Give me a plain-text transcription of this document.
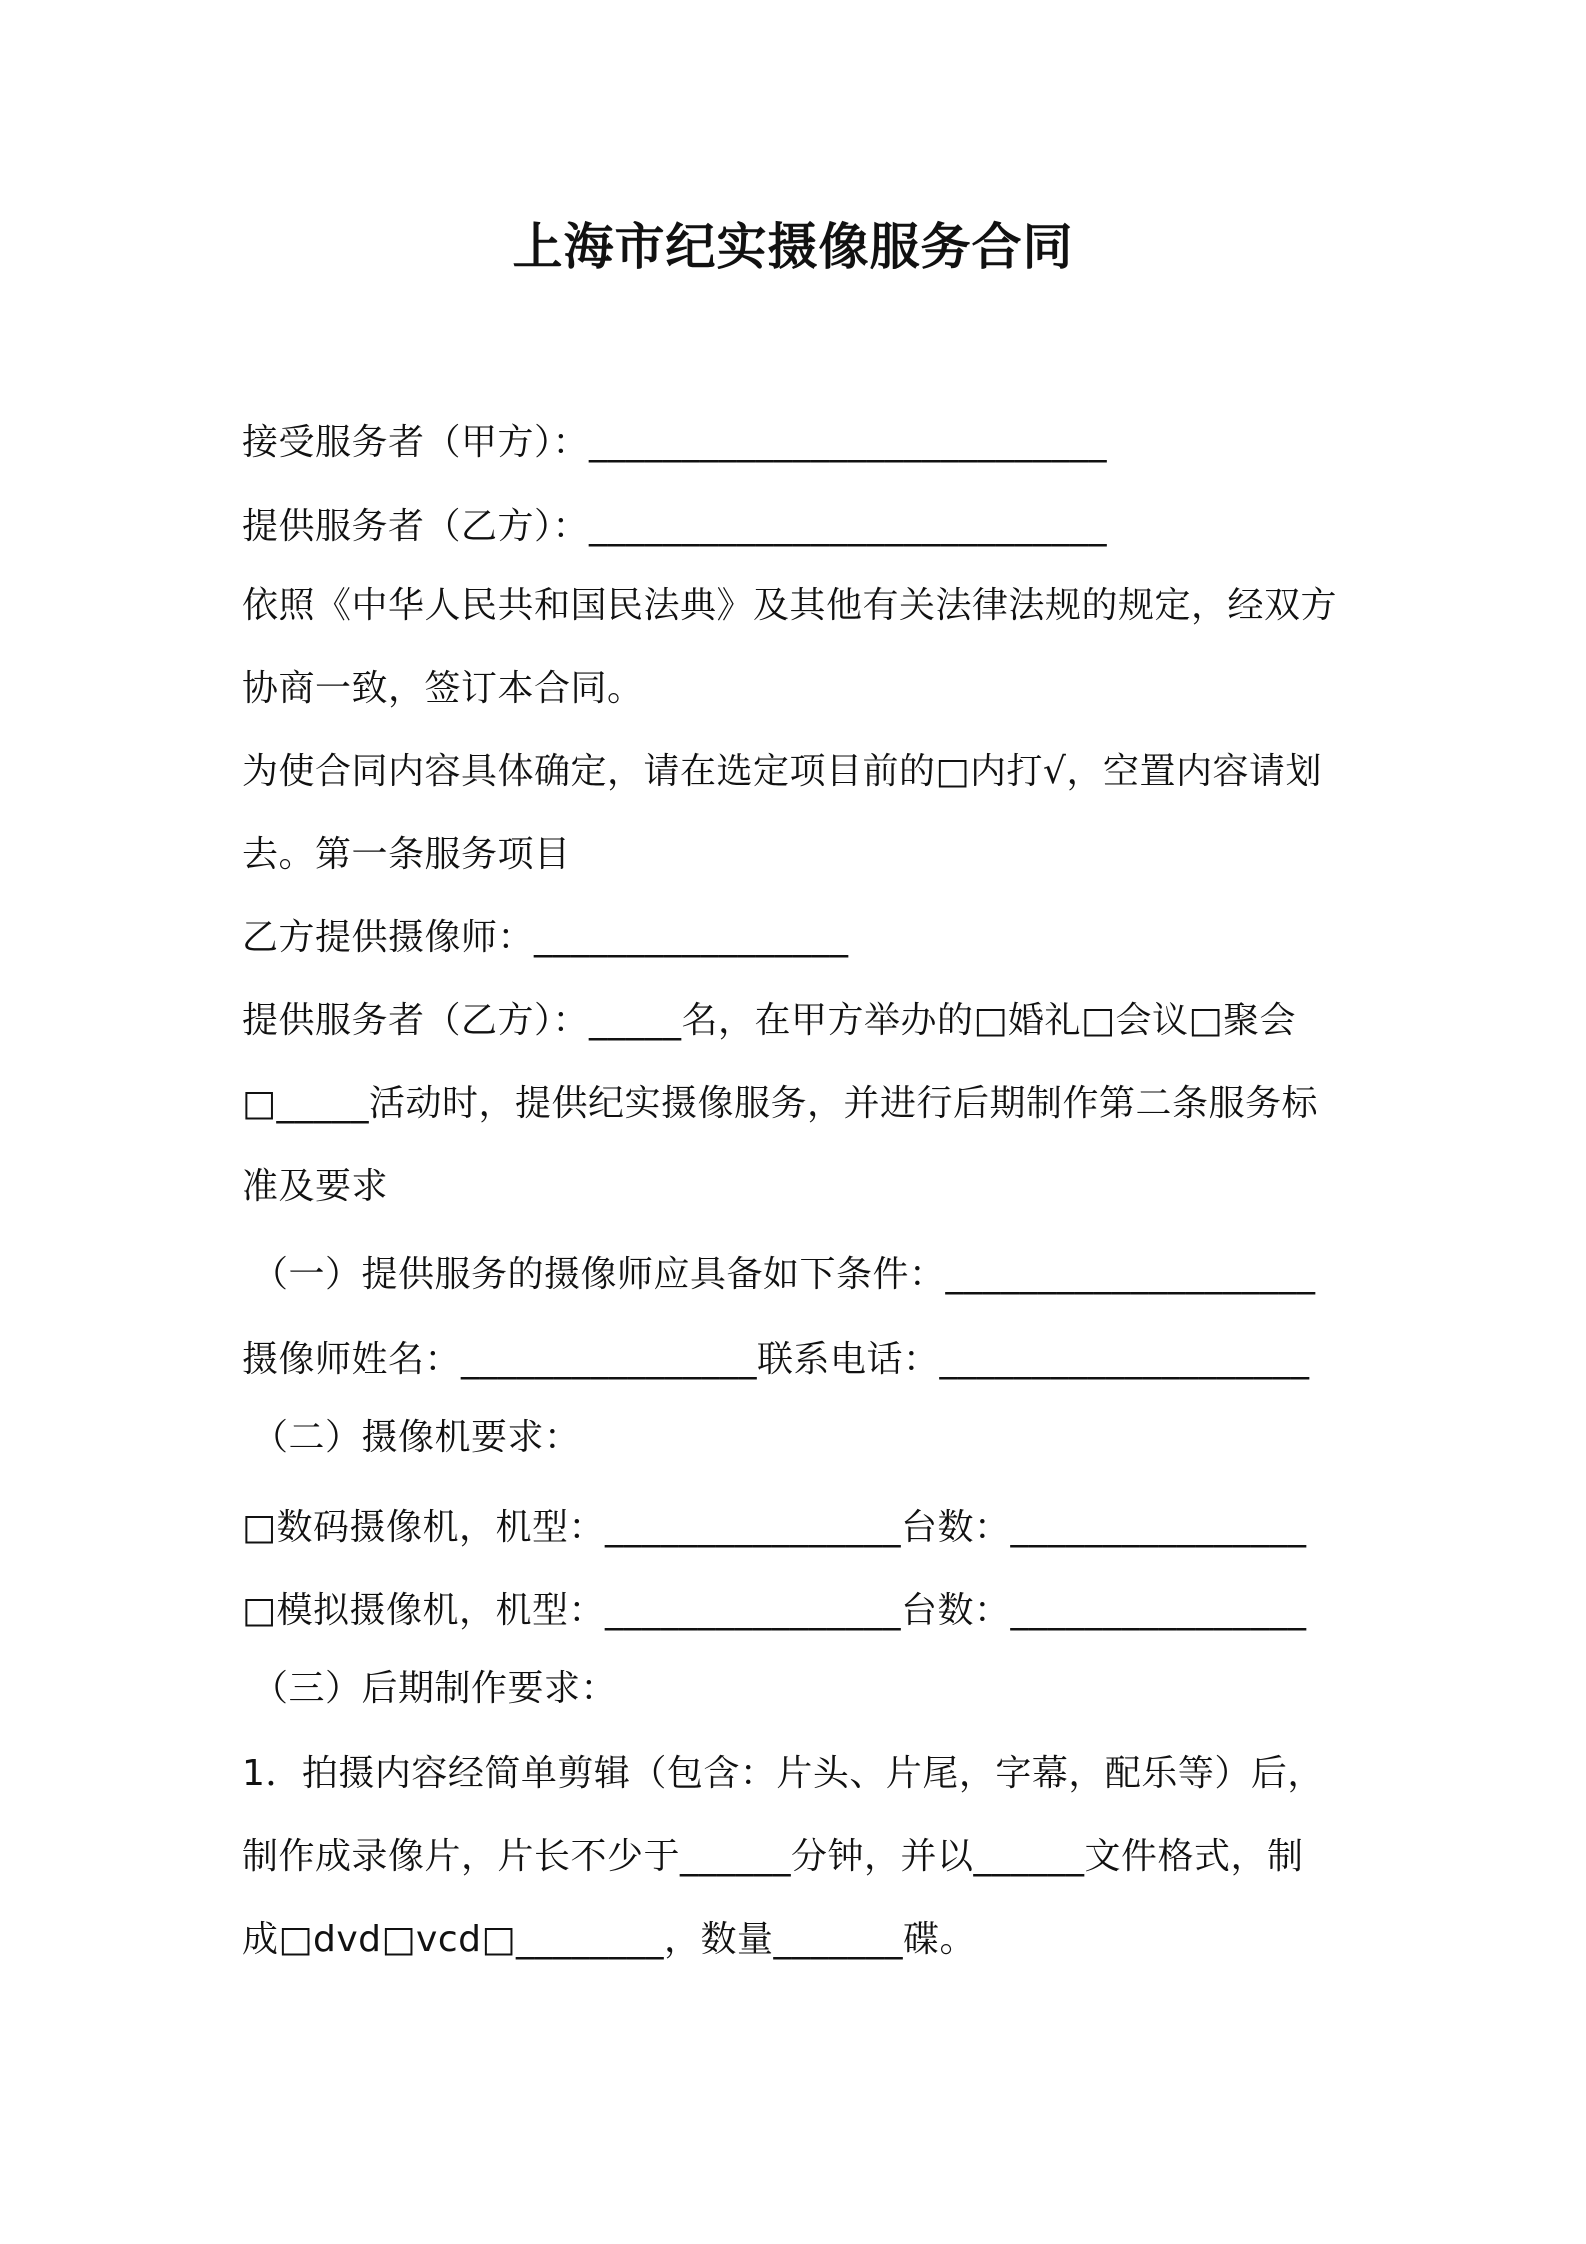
上海市纪实摄像服务合同
接受服务者（甲方）：____________________________
提供服务者（乙方）：____________________________
依照《中华人民共和国民法典》及其他有关法律法规的规定，经双方
协商一致，签订本合同。
为使合同内容具体确定，请在选定项目前的□内打√，空置内容请划
去。第一条服务项目
乙方提供摄像师：_________________
提供服务者（乙方）：_____名，在甲方举办的□婚礼□会议□聚会
□_____活动时，提供纪实摄像服务，并进行后期制作第二条服务标
准及要求
（一）提供服务的摄像师应具备如下条件：____________________
摄像师姓名：________________联系电话：____________________
（二）摄像机要求：
□数码摄像机，机型：________________台数：________________
□模拟摄像机，机型：________________台数：________________
（三）后期制作要求：
1．拍摄内容经简单剪辑（包含：片头、片尾，字幕，配乐等）后，
制作成录像片，片长不少于______分钟，并以______文件格式，制
成□dvd□vcd□________，数量_______碟。
